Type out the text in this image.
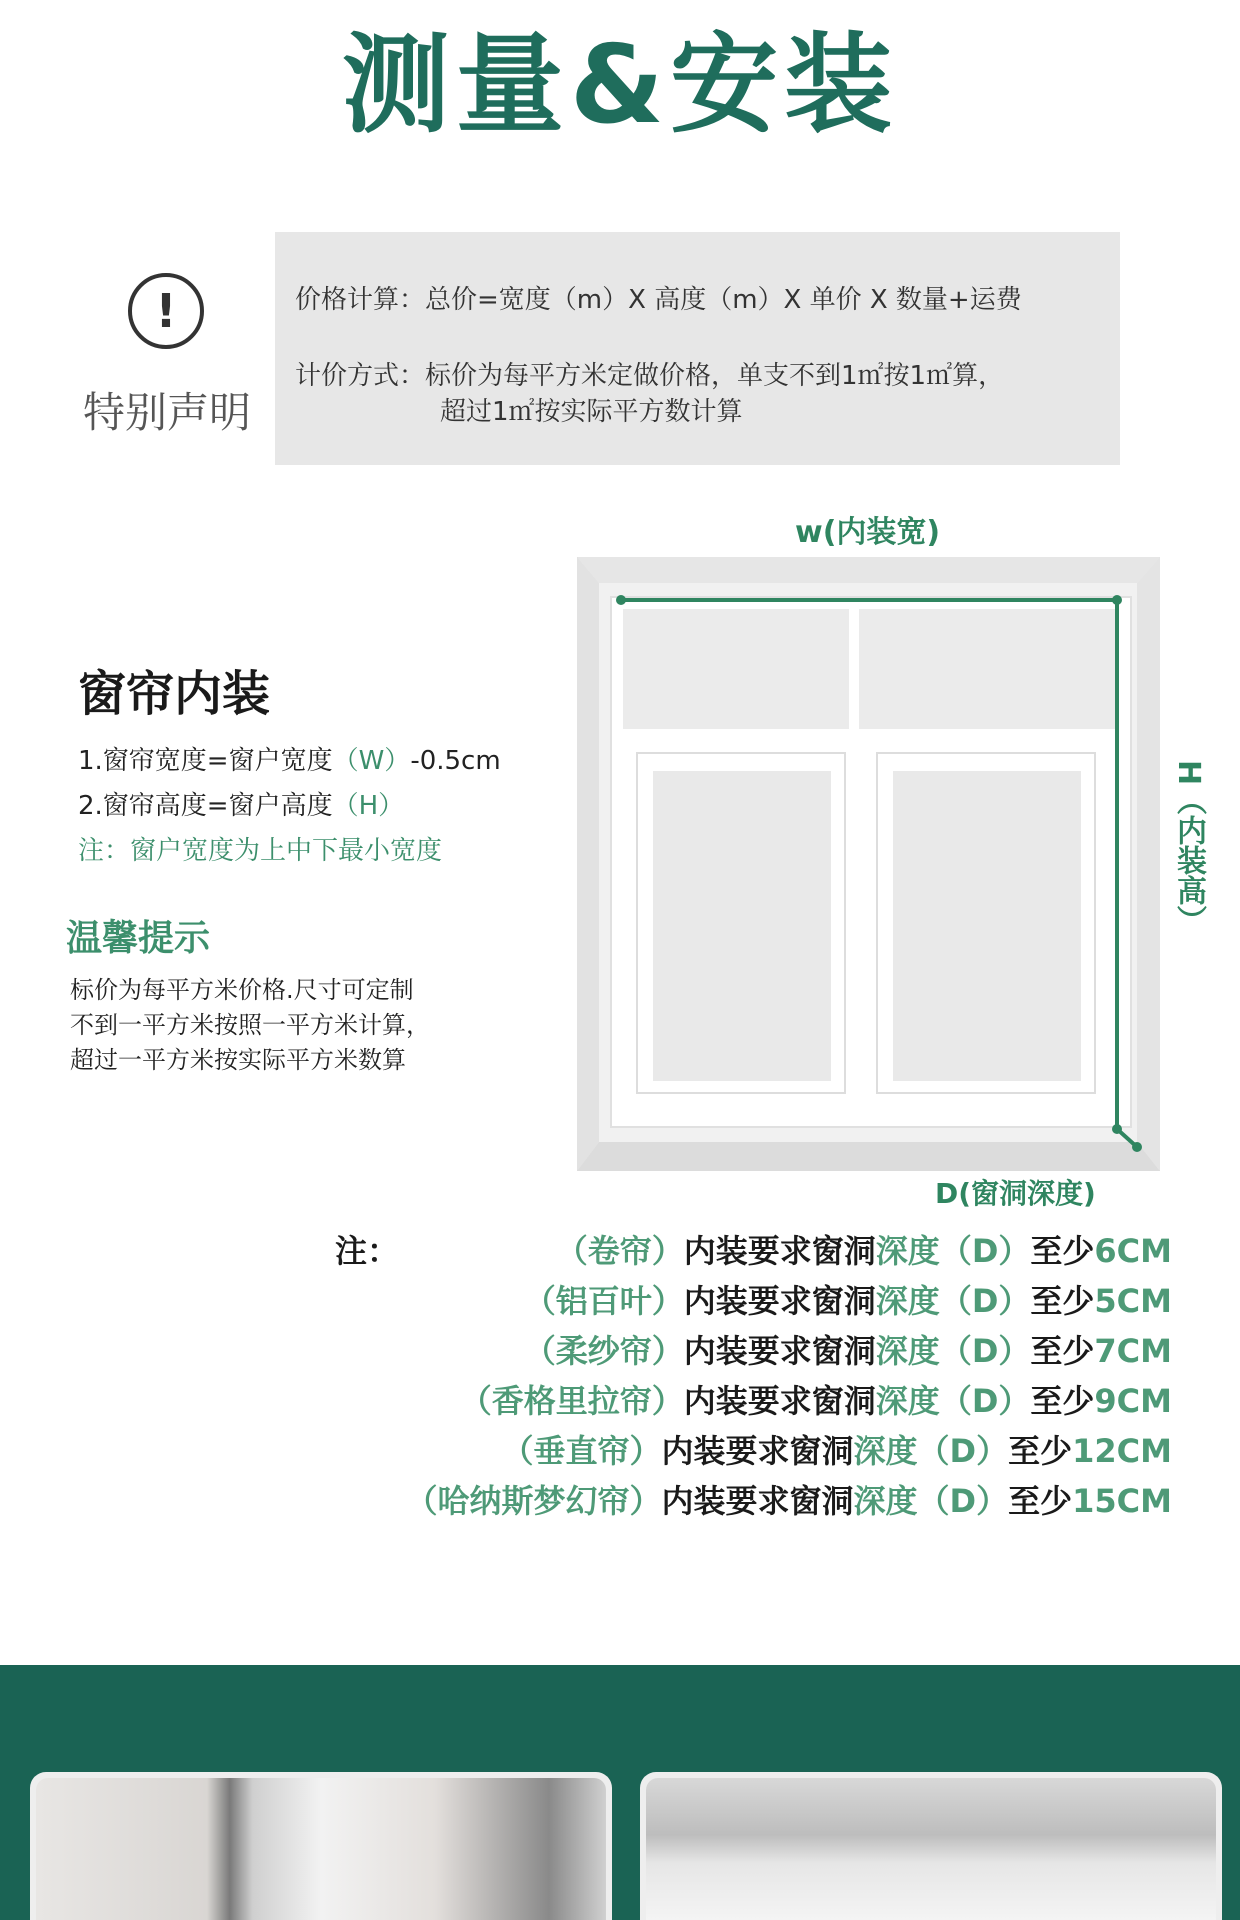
测量&安装
!
特别声明
价格计算：总价=宽度（m）X 高度（m）X 单价 X 数量+运费
计价方式：标价为每平方米定做价格，单支不到1㎡按1㎡算，
超过1㎡按实际平方数计算
窗帘内装
1.窗帘宽度=窗户宽度（W）-0.5cm
2.窗帘高度=窗户高度（H）
注：窗户宽度为上中下最小宽度
温馨提示
标价为每平方米价格.尺寸可定制
不到一平方米按照一平方米计算，
超过一平方米按实际平方米数算
w(内装宽)
H（内装高）
D(窗洞深度)
注：	（卷帘）内装要求窗洞深度（D）至少6CM
（铝百叶）内装要求窗洞深度（D）至少5CM
（柔纱帘）内装要求窗洞深度（D）至少7CM
（香格里拉帘）内装要求窗洞深度（D）至少9CM
（垂直帘）内装要求窗洞深度（D）至少12CM
（哈纳斯梦幻帘）内装要求窗洞深度（D）至少15CM
